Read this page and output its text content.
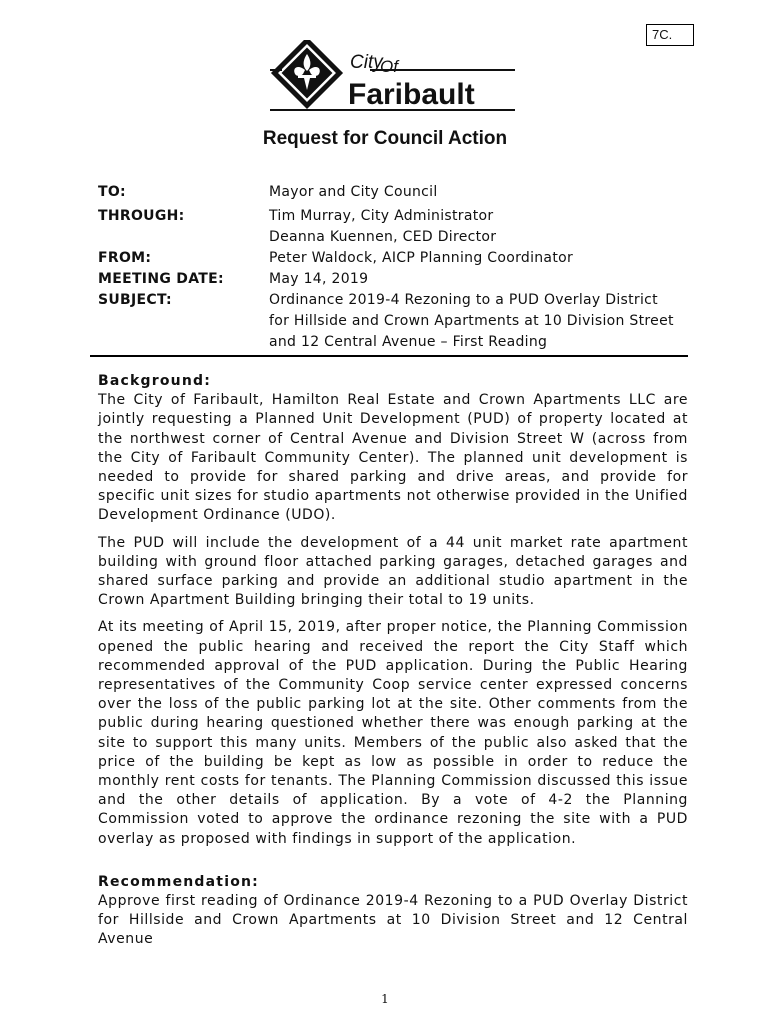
7C.
City
Of
Faribault
Request for Council Action
TO:	Mayor and City Council
THROUGH:	Tim Murray, City Administrator
Deanna Kuennen, CED Director
FROM:	Peter Waldock, AICP Planning Coordinator
MEETING DATE:	May 14, 2019
SUBJECT:	Ordinance 2019-4 Rezoning to a PUD Overlay District
for Hillside and Crown Apartments at 10 Division Street
and 12 Central Avenue – First Reading
Background:

The City of Faribault, Hamilton Real Estate and Crown Apartments LLC are jointly requesting a Planned Unit Development (PUD) of property located at the northwest corner of Central Avenue and Division Street W (across from the City of Faribault Community Center). The planned unit development is needed to provide for shared parking and drive areas, and provide for specific unit sizes for studio apartments not otherwise provided in the Unified Development Ordinance (UDO).

The PUD will include the development of a 44 unit market rate apartment building with ground floor attached parking garages, detached garages and shared surface parking and provide an additional studio apartment in the Crown Apartment Building bringing their total to 19 units.

At its meeting of April 15, 2019, after proper notice, the Planning Commission opened the public hearing and received the report the City Staff which recommended approval of the PUD application. During the Public Hearing representatives of the Community Coop service center expressed concerns over the loss of the public parking lot at the site. Other comments from the public during hearing questioned whether there was enough parking at the site to support this many units. Members of the public also asked that the price of the building be kept as low as possible in order to reduce the monthly rent costs for tenants. The Planning Commission discussed this issue and the other details of application. By a vote of 4-2 the Planning Commission voted to approve the ordinance rezoning the site with a PUD overlay as proposed with findings in support of the application.

Recommendation:

Approve first reading of Ordinance 2019-4 Rezoning to a PUD Overlay District for Hillside and Crown Apartments at 10 Division Street and 12 Central Avenue

1
